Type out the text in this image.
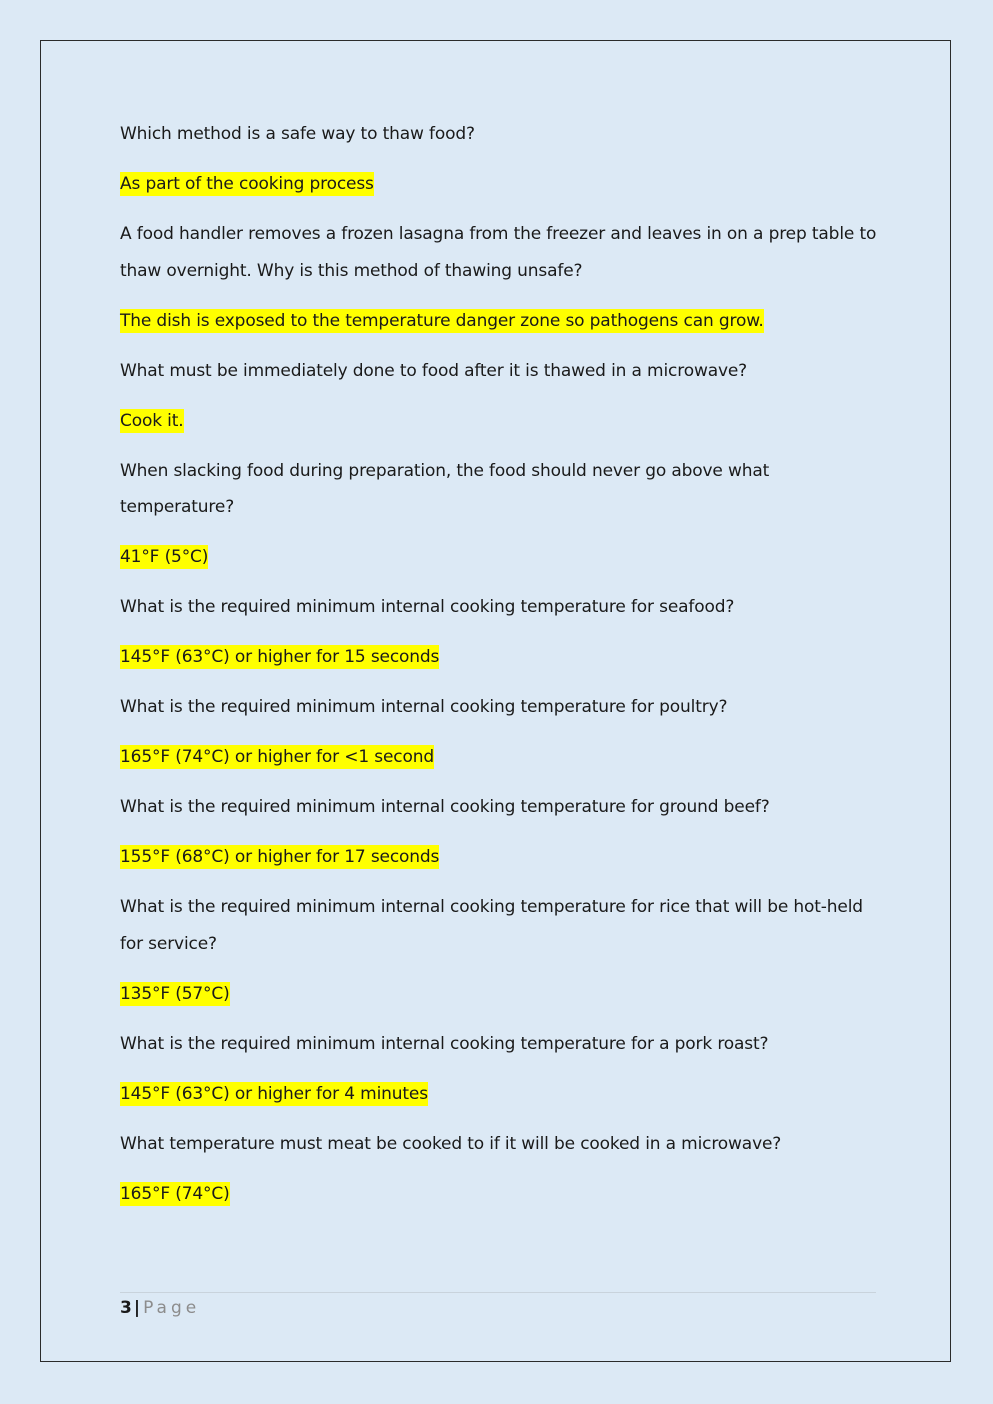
Which method is a safe way to thaw food?

As part of the cooking process

A food handler removes a frozen lasagna from the freezer and leaves in on a prep table to thaw overnight. Why is this method of thawing unsafe?

The dish is exposed to the temperature danger zone so pathogens can grow.

What must be immediately done to food after it is thawed in a microwave?

Cook it.

When slacking food during preparation, the food should never go above what temperature?

41°F (5°C)

What is the required minimum internal cooking temperature for seafood?

145°F (63°C) or higher for 15 seconds

What is the required minimum internal cooking temperature for poultry?

165°F (74°C) or higher for <1 second

What is the required minimum internal cooking temperature for ground beef?

155°F (68°C) or higher for 17 seconds

What is the required minimum internal cooking temperature for rice that will be hot-held for service?

135°F (57°C)

What is the required minimum internal cooking temperature for a pork roast?

145°F (63°C) or higher for 4 minutes

What temperature must meat be cooked to if it will be cooked in a microwave?

165°F (74°C)

3 | Page
